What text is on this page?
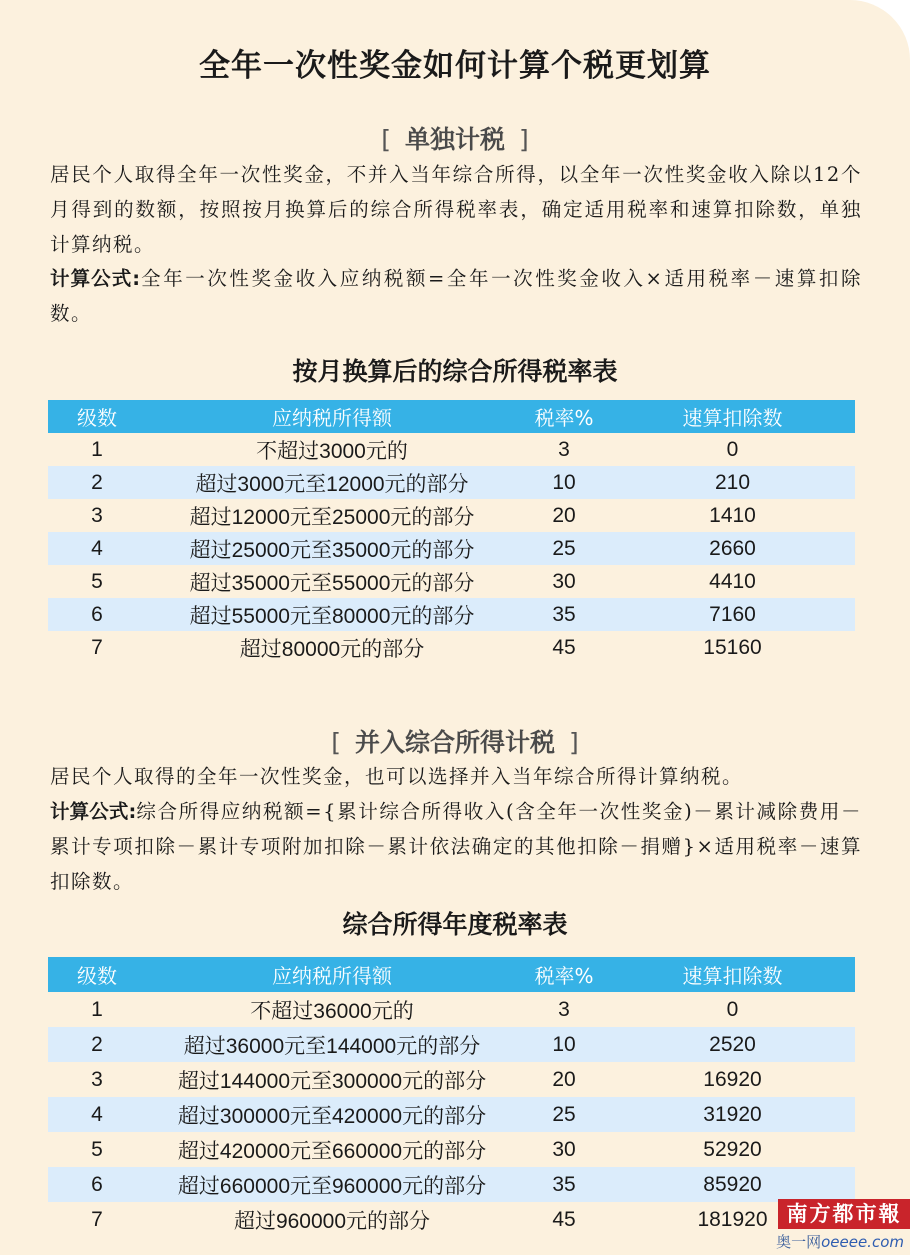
全年一次性奖金如何计算个税更划算
[ 单独计税 ]
居民个人取得全年一次性奖金，不并入当年综合所得，以全年一次性奖金收入除以12个月得到的数额，按照按月换算后的综合所得税率表，确定适用税率和速算扣除数，单独计算纳税。
计算公式:全年一次性奖金收入应纳税额=全年一次性奖金收入×适用税率－速算扣除数。
按月换算后的综合所得税率表
级数	应纳税所得额	税率%	速算扣除数
1	不超过3000元的	3	0
2	超过3000元至12000元的部分	10	210
3	超过12000元至25000元的部分	20	1410
4	超过25000元至35000元的部分	25	2660
5	超过35000元至55000元的部分	30	4410
6	超过55000元至80000元的部分	35	7160
7	超过80000元的部分	45	15160
[ 并入综合所得计税 ]
居民个人取得的全年一次性奖金，也可以选择并入当年综合所得计算纳税。
计算公式:综合所得应纳税额={累计综合所得收入(含全年一次性奖金)－累计减除费用－累计专项扣除－累计专项附加扣除－累计依法确定的其他扣除－捐赠}×适用税率－速算扣除数。
综合所得年度税率表
级数	应纳税所得额	税率%	速算扣除数
1	不超过36000元的	3	0
2	超过36000元至144000元的部分	10	2520
3	超过144000元至300000元的部分	20	16920
4	超过300000元至420000元的部分	25	31920
5	超过420000元至660000元的部分	30	52920
6	超过660000元至960000元的部分	35	85920
7	超过960000元的部分	45	181920 南方都市報
奥一网oeeee.com
